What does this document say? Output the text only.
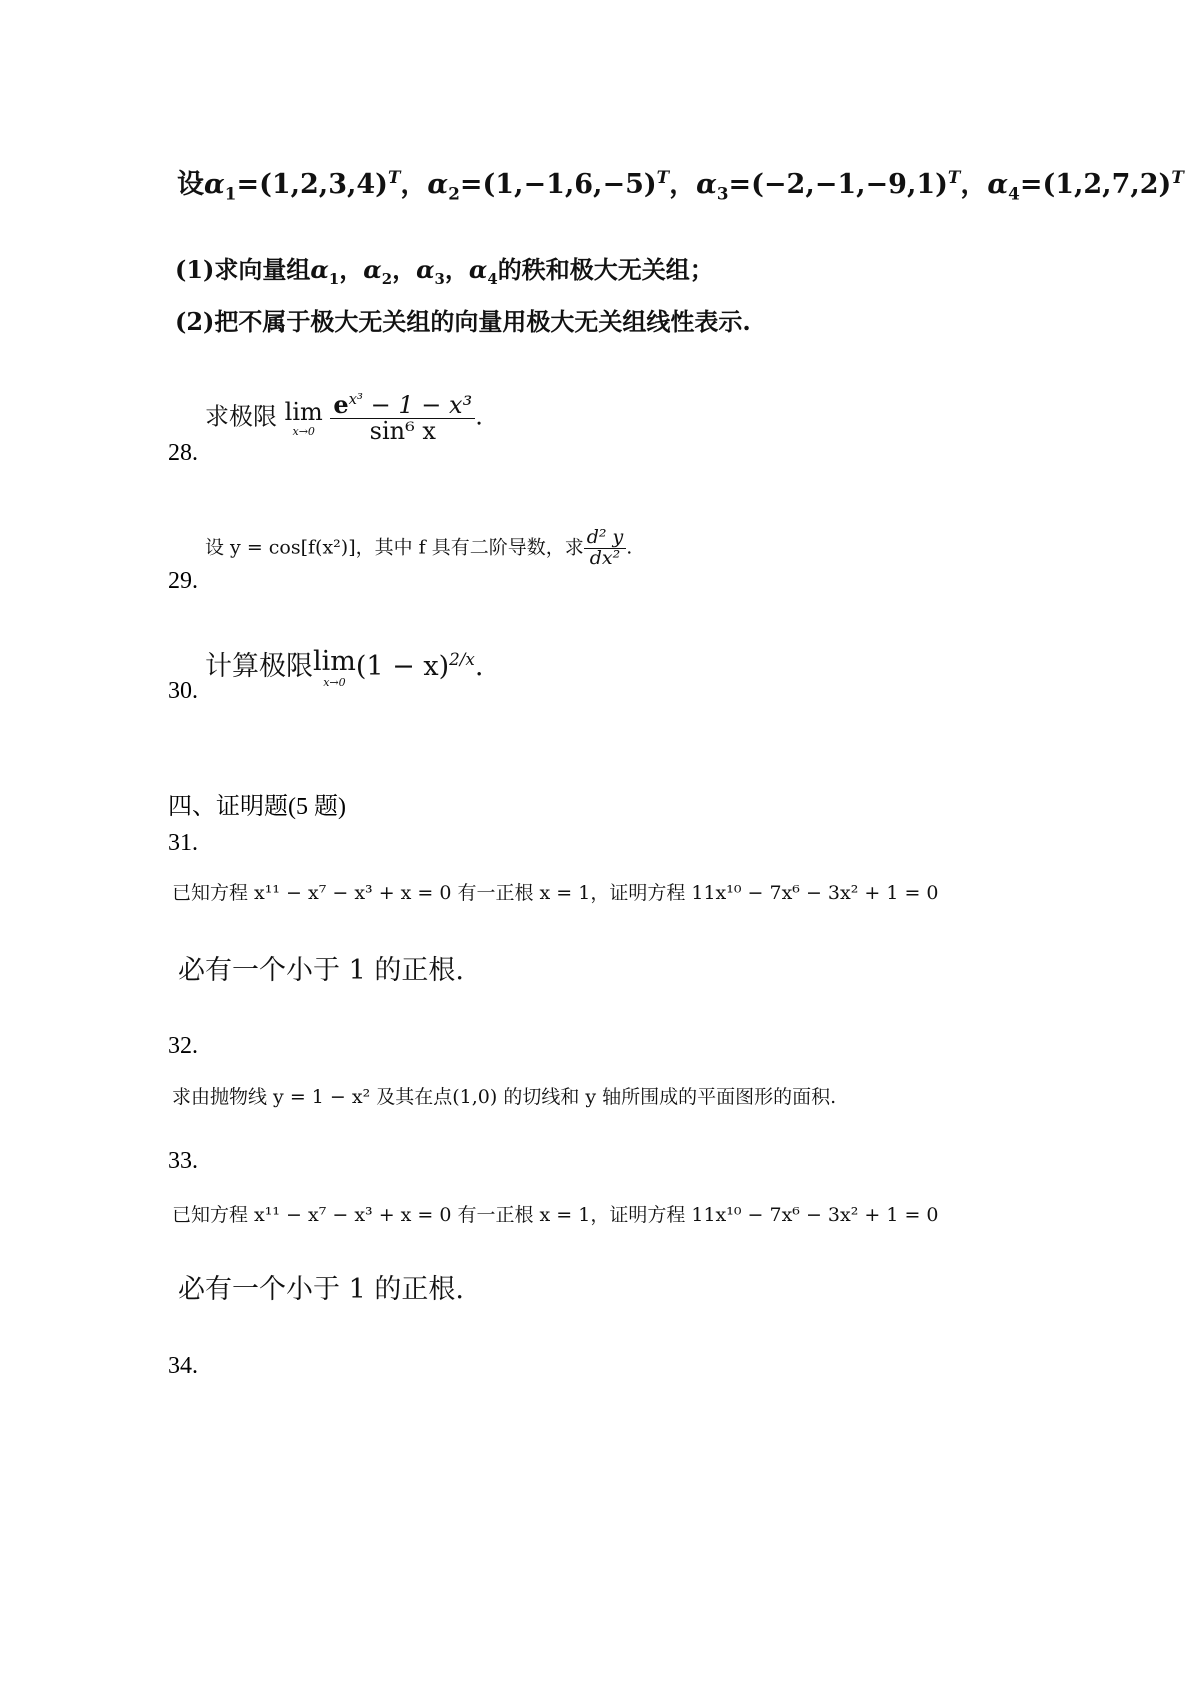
设$\alpha_1=(1,2,3,4)^T$，$\alpha_2=(1,-1,6,-5)^T$，$\alpha_3=(-2,-1,-9,1)^T$，$\alpha_4=(1,2,7,2)^T$
(1)求向量组$\alpha_1$，$\alpha_2$，$\alpha_3$，$\alpha_4$的秩和极大无关组；
(2)把不属于极大无关组的向量用极大无关组线性表示.
求极限 lim
x→0
$\frac{e^{x^3} - 1 - x^3}{\text{sin⁶ x}}$ .
28.
设 y = cos[f(x²)]，其中 f 具有二阶导数，求 $\frac{\text{d² y}}{\text{dx²}}$ .
29.
计算极限 lim
x→0 $(1 - x)^{2/x}$.
30.
四、证明题(5 题)
31.
已知方程 x¹¹ − x⁷ − x³ + x = 0 有一正根 x = 1，证明方程 11x¹⁰ − 7x⁶ − 3x² + 1 = 0
必有一个小于 1 的正根.
32.
求由抛物线 y = 1 − x² 及其在点(1,0) 的切线和 y 轴所围成的平面图形的面积.
33.
已知方程 x¹¹ − x⁷ − x³ + x = 0 有一正根 x = 1，证明方程 11x¹⁰ − 7x⁶ − 3x² + 1 = 0
必有一个小于 1 的正根.
34.
